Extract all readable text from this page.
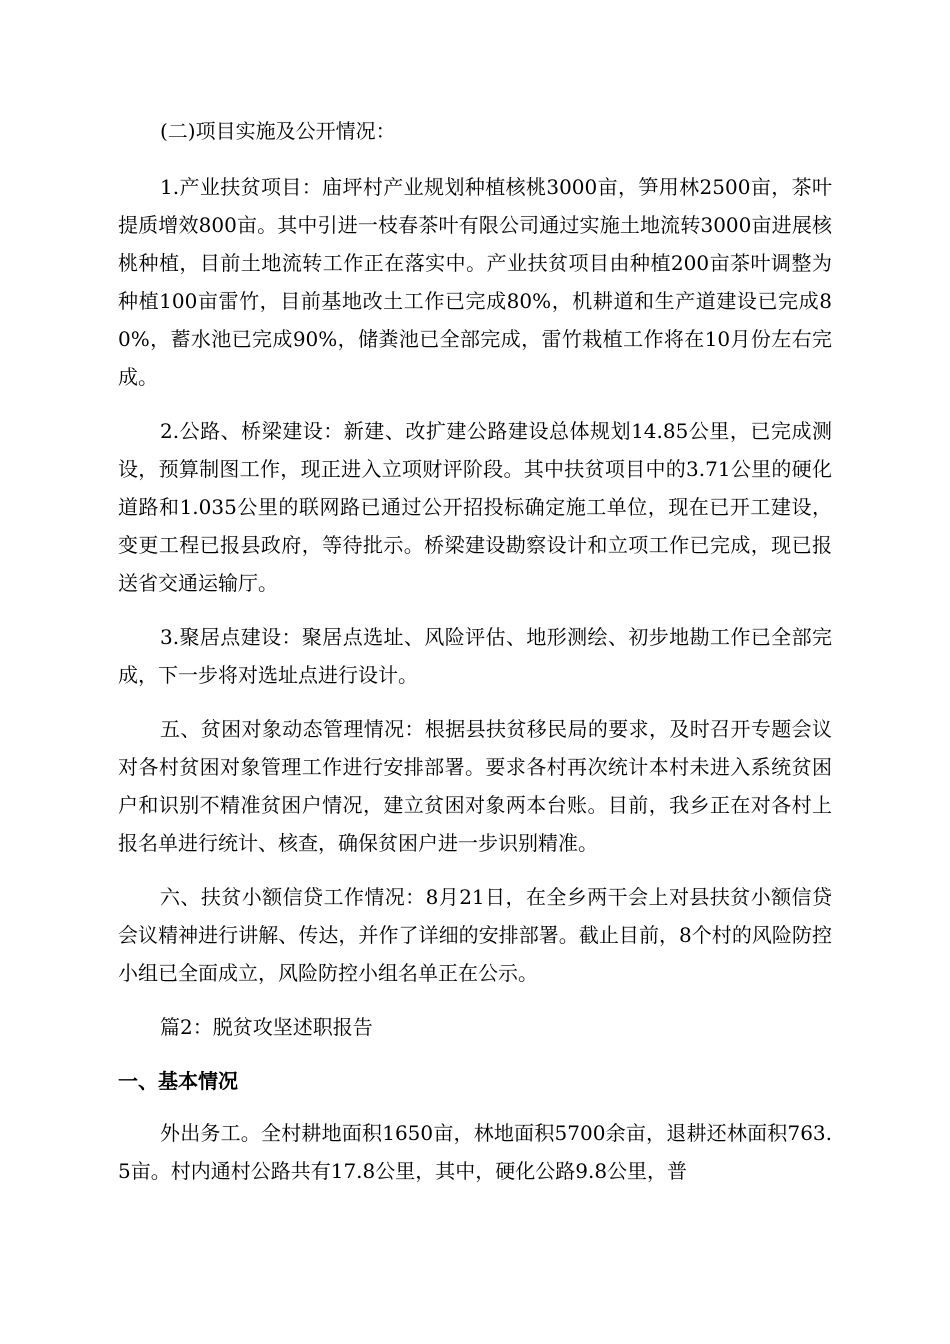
(二)项目实施及公开情况：

1.产业扶贫项目：庙坪村产业规划种植核桃3000亩，笋用林2500亩，茶叶提质增效800亩。其中引进一枝春茶叶有限公司通过实施土地流转3000亩进展核桃种植，目前土地流转工作正在落实中。产业扶贫项目由种植200亩茶叶调整为种植100亩雷竹，目前基地改土工作已完成80%，机耕道和生产道建设已完成80%，蓄水池已完成90%，储粪池已全部完成，雷竹栽植工作将在10月份左右完成。

2.公路、桥梁建设：新建、改扩建公路建设总体规划14.85公里，已完成测设，预算制图工作，现正进入立项财评阶段。其中扶贫项目中的3.71公里的硬化道路和1.035公里的联网路已通过公开招投标确定施工单位，现在已开工建设，变更工程已报县政府，等待批示。桥梁建设勘察设计和立项工作已完成，现已报送省交通运输厅。

3.聚居点建设：聚居点选址、风险评估、地形测绘、初步地勘工作已全部完成，下一步将对选址点进行设计。

五、贫困对象动态管理情况：根据县扶贫移民局的要求，及时召开专题会议对各村贫困对象管理工作进行安排部署。要求各村再次统计本村未进入系统贫困户和识别不精准贫困户情况，建立贫困对象两本台账。目前，我乡正在对各村上报名单进行统计、核查，确保贫困户进一步识别精准。

六、扶贫小额信贷工作情况：8月21日，在全乡两干会上对县扶贫小额信贷会议精神进行讲解、传达，并作了详细的安排部署。截止目前，8个村的风险防控小组已全面成立，风险防控小组名单正在公示。

篇2：脱贫攻坚述职报告

一、基本情况

外出务工。全村耕地面积1650亩，林地面积5700余亩，退耕还林面积763.5亩。村内通村公路共有17.8公里，其中，硬化公路9.8公里，普
